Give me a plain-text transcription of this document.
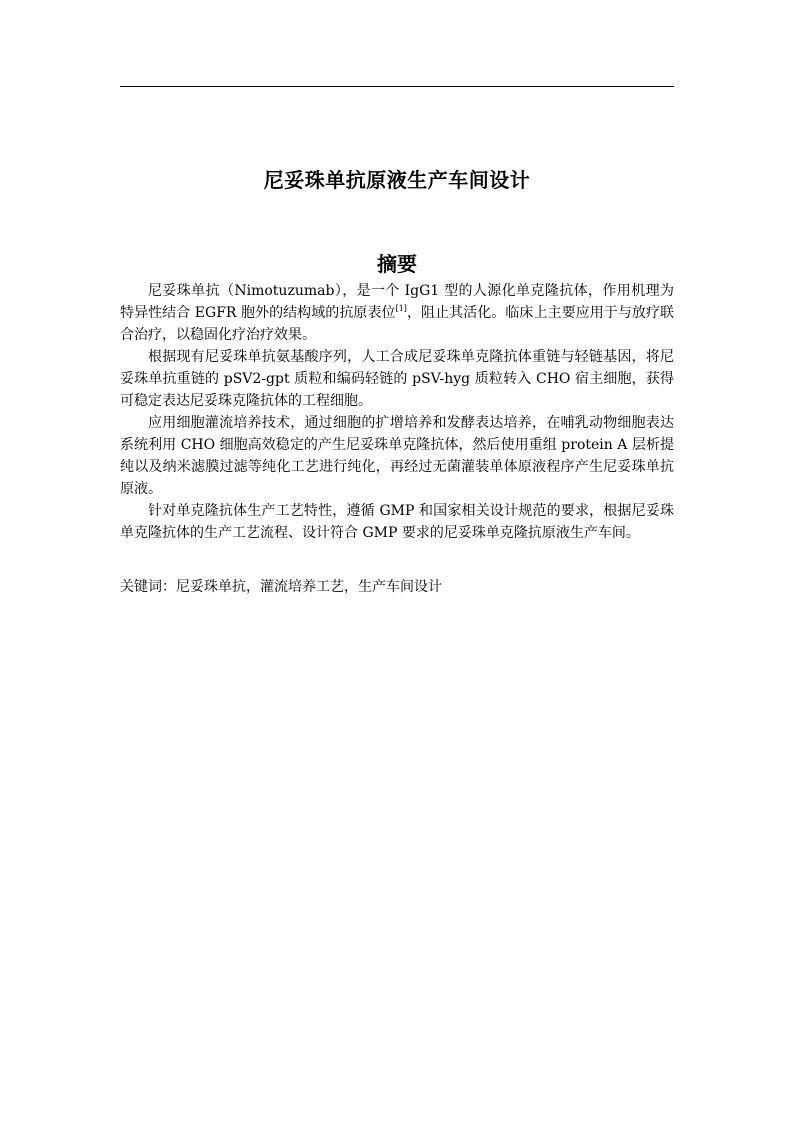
尼妥珠单抗原液生产车间设计
摘要

尼妥珠单抗（Nimotuzumab），是一个 IgG1 型的人源化单克隆抗体，作用机理为特异性结合 EGFR 胞外的结构域的抗原表位[1]，阻止其活化。临床上主要应用于与放疗联合治疗，以稳固化疗治疗效果。

根据现有尼妥珠单抗氨基酸序列，人工合成尼妥珠单克隆抗体重链与轻链基因，将尼妥珠单抗重链的 pSV2-gpt 质粒和编码轻链的 pSV-hyg 质粒转入 CHO 宿主细胞，获得可稳定表达尼妥珠克隆抗体的工程细胞。

应用细胞灌流培养技术，通过细胞的扩增培养和发酵表达培养，在哺乳动物细胞表达系统利用 CHO 细胞高效稳定的产生尼妥珠单克隆抗体，然后使用重组 protein A 层析提纯以及纳米滤膜过滤等纯化工艺进行纯化，再经过无菌灌装单体原液程序产生尼妥珠单抗原液。

针对单克隆抗体生产工艺特性，遵循 GMP 和国家相关设计规范的要求，根据尼妥珠单克隆抗体的生产工艺流程、设计符合 GMP 要求的尼妥珠单克隆抗原液生产车间。

关键词：尼妥珠单抗，灌流培养工艺，生产车间设计
